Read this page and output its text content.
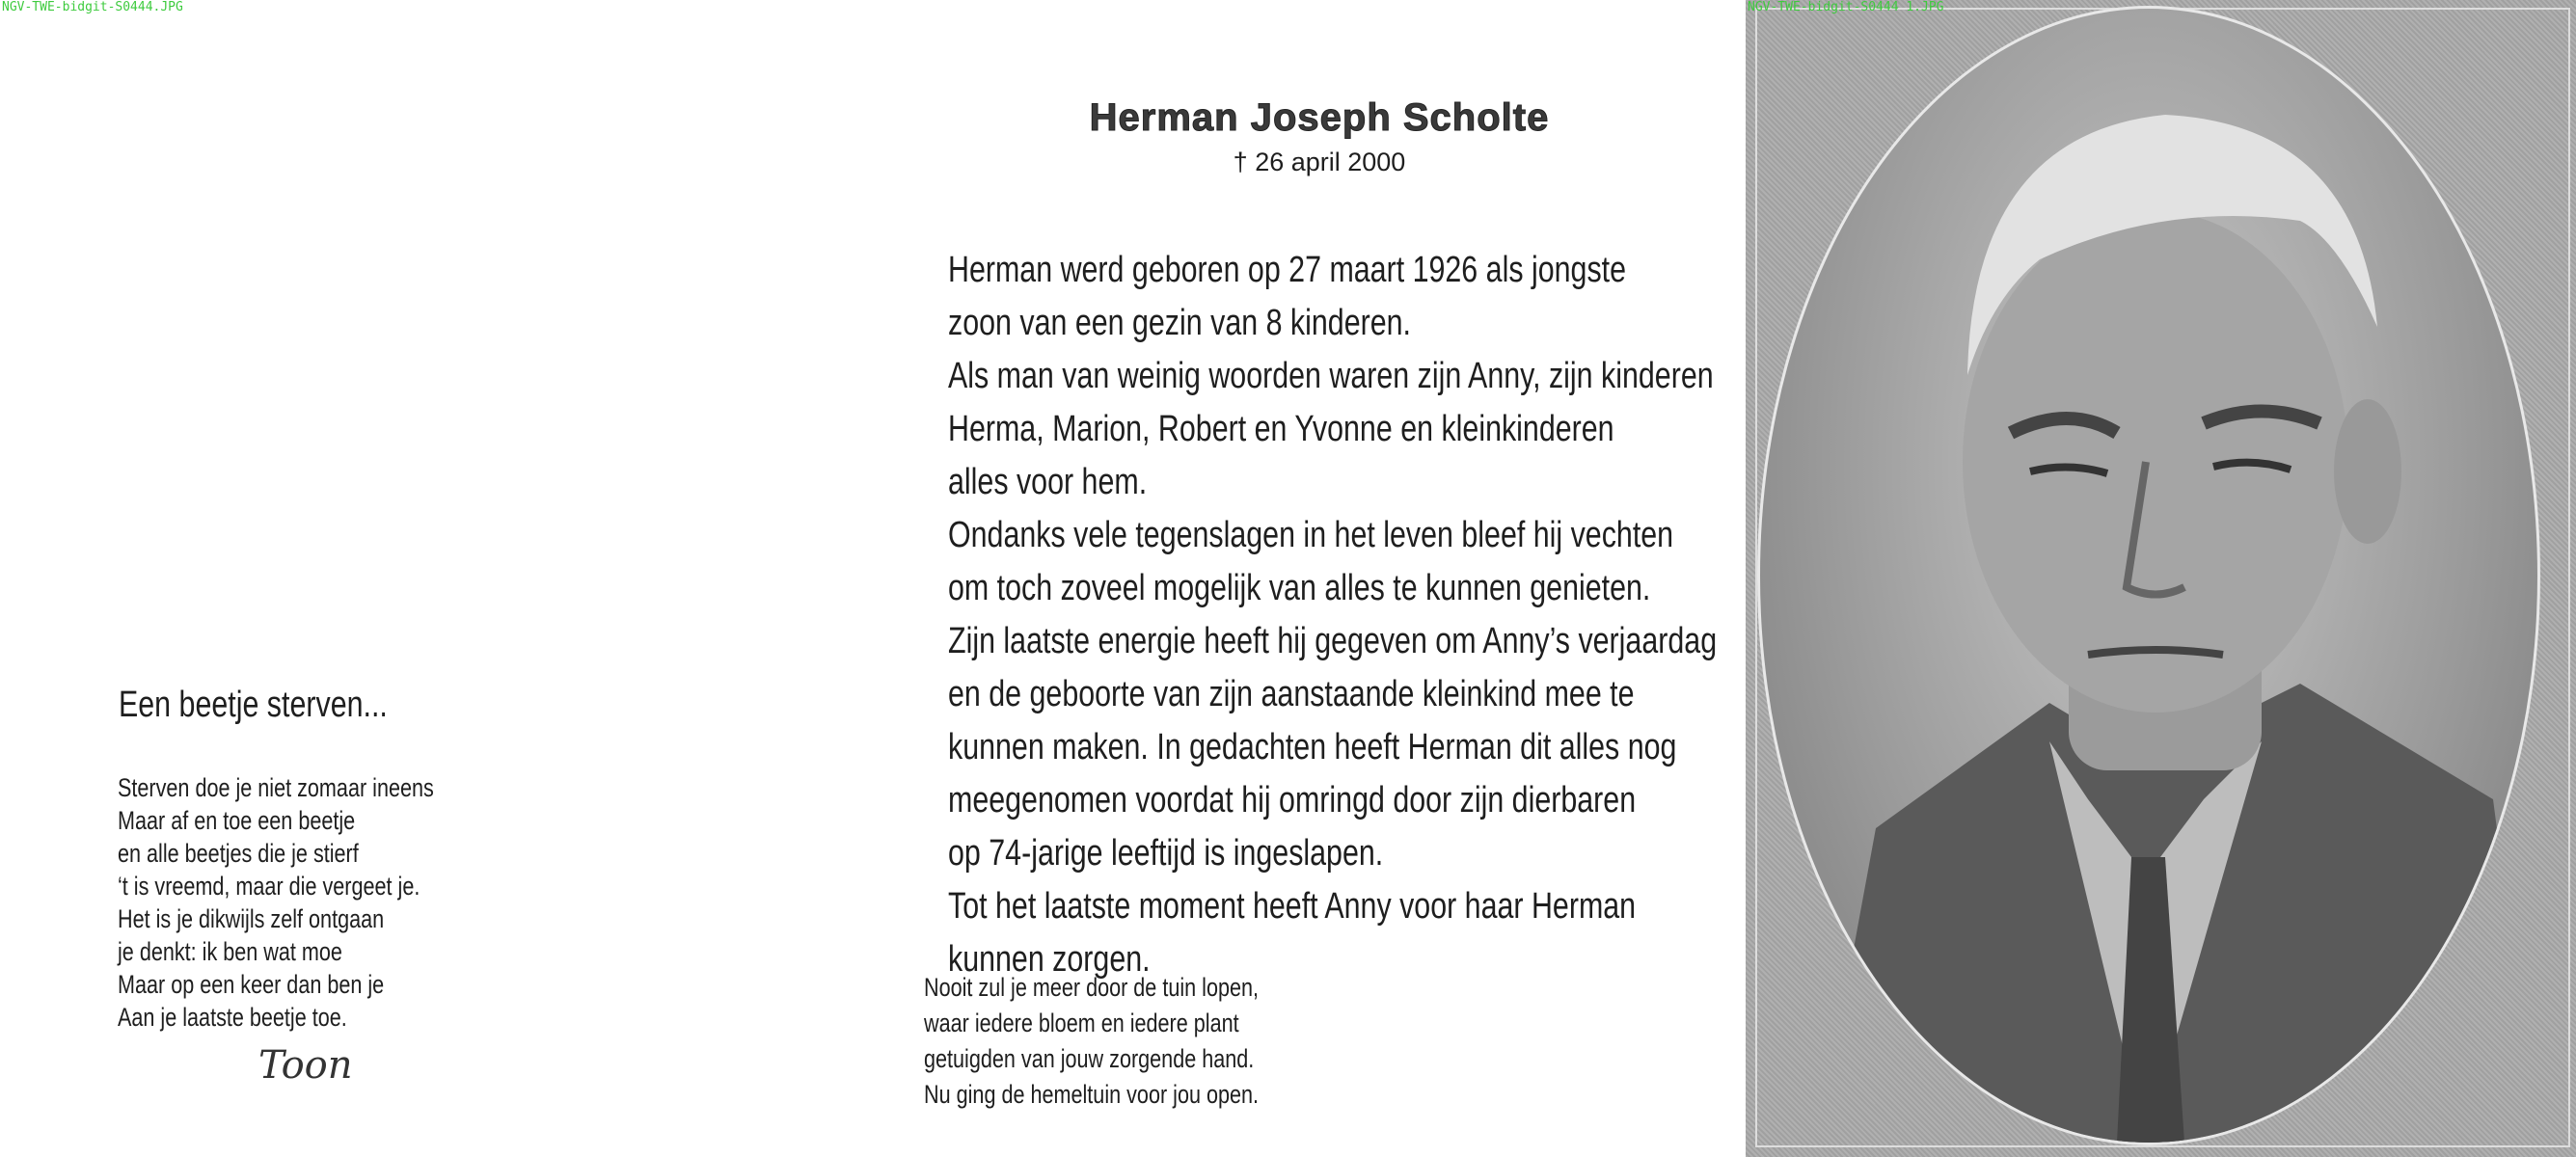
NGV-TWE-bidgit-S0444.JPG
Een beetje sterven...
Sterven doe je niet zomaar ineens
Maar af en toe een beetje
en alle beetjes die je stierf
‘t is vreemd, maar die vergeet je.
Het is je dikwijls zelf ontgaan
je denkt: ik ben wat moe
Maar op een keer dan ben je
Aan je laatste beetje toe.
Toon
Herman Joseph Scholte
† 26 april 2000
Herman werd geboren op 27 maart 1926 als jongste
zoon van een gezin van 8 kinderen.
Als man van weinig woorden waren zijn Anny, zijn kinderen
Herma, Marion, Robert en Yvonne en kleinkinderen
alles voor hem.
Ondanks vele tegenslagen in het leven bleef hij vechten
om toch zoveel mogelijk van alles te kunnen genieten.
Zijn laatste energie heeft hij gegeven om Anny’s verjaardag
en de geboorte van zijn aanstaande kleinkind mee te
kunnen maken. In gedachten heeft Herman dit alles nog
meegenomen voordat hij omringd door zijn dierbaren
op 74-jarige leeftijd is ingeslapen.
Tot het laatste moment heeft Anny voor haar Herman
kunnen zorgen.
Nooit zul je meer door de tuin lopen,
waar iedere bloem en iedere plant
getuigden van jouw zorgende hand.
Nu ging de hemeltuin voor jou open.
NGV-TWE-bidgit-S0444 1.JPG
